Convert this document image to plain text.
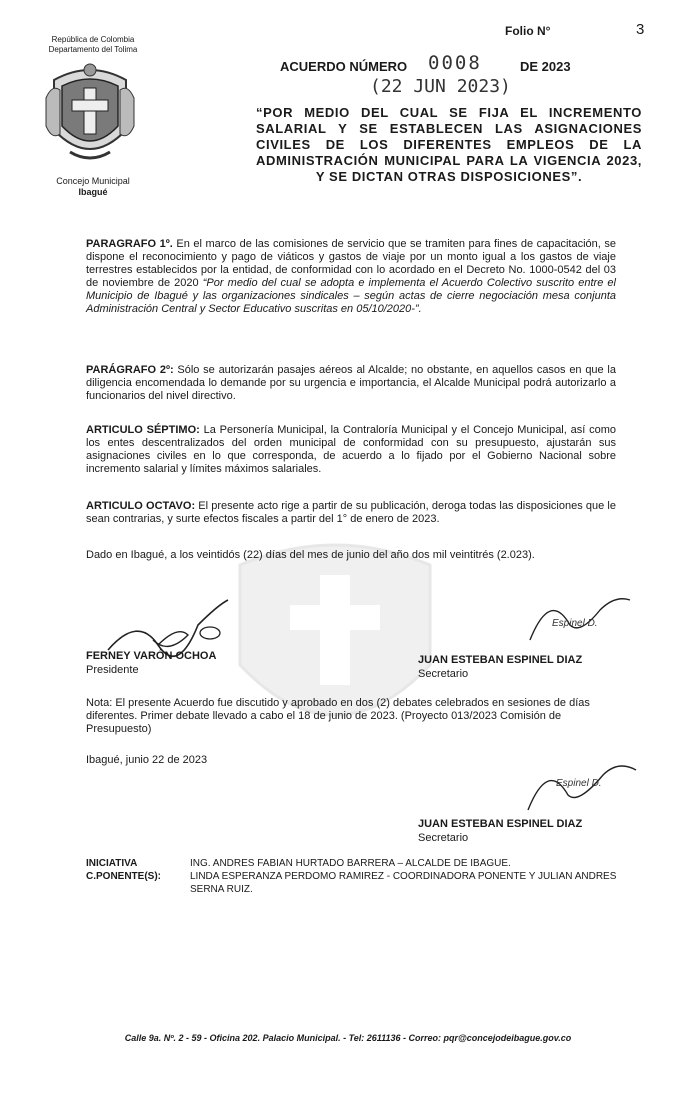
Folio N°	3
República de Colombia
Departamento del Tolima
Concejo Municipal
Ibagué
ACUERDO NÚMERO 0008	DE 2023
(22 JUN 2023)
“POR MEDIO DEL CUAL SE FIJA EL INCREMENTO SALARIAL Y SE ESTABLECEN LAS ASIGNACIONES CIVILES DE LOS DIFERENTES EMPLEOS DE LA ADMINISTRACIÓN MUNICIPAL PARA LA VIGENCIA 2023, Y SE DICTAN OTRAS DISPOSICIONES”.
PARAGRAFO 1º. En el marco de las comisiones de servicio que se tramiten para fines de capacitación, se dispone el reconocimiento y pago de viáticos y gastos de viaje por un monto igual a los gastos de viaje terrestres establecidos por la entidad, de conformidad con lo acordado en el Decreto No. 1000-0542 del 03 de noviembre de 2020 “Por medio del cual se adopta e implementa el Acuerdo Colectivo suscrito entre el Municipio de Ibagué y las organizaciones sindicales – según actas de cierre negociación mesa conjunta Administración Central y Sector Educativo suscritas en 05/10/2020-”.
PARÁGRAFO 2º: Sólo se autorizarán pasajes aéreos al Alcalde; no obstante, en aquellos casos en que la diligencia encomendada lo demande por su urgencia e importancia, el Alcalde Municipal podrá autorizarlo a funcionarios del nivel directivo.
ARTICULO SÉPTIMO: La Personería Municipal, la Contraloría Municipal y el Concejo Municipal, así como los entes descentralizados del orden municipal de conformidad con su presupuesto, ajustarán sus asignaciones civiles en lo que corresponda, de acuerdo a lo fijado por el Gobierno Nacional sobre incremento salarial y límites máximos salariales.
ARTICULO OCTAVO: El presente acto rige a partir de su publicación, deroga todas las disposiciones que le sean contrarias, y surte efectos fiscales a partir del 1° de enero de 2023.
Dado en Ibagué, a los veintidós (22) días del mes de junio del año dos mil veintitrés (2.023).
FERNEY VARÓN OCHOA
Presidente
Espinel D.
JUAN ESTEBAN ESPINEL DIAZ
Secretario
Nota: El presente Acuerdo fue discutido y aprobado en dos (2) debates celebrados en sesiones de días diferentes. Primer debate llevado a cabo el 18 de junio de 2023. (Proyecto 013/2023 Comisión de Presupuesto)
Ibagué, junio 22 de 2023
Espinel D.
JUAN ESTEBAN ESPINEL DIAZ
Secretario
INICIATIVA
C.PONENTE(S):
ING. ANDRES FABIAN HURTADO BARRERA – ALCALDE DE IBAGUE.
LINDA ESPERANZA PERDOMO RAMIREZ - COORDINADORA PONENTE Y JULIAN ANDRES SERNA RUIZ.
Calle 9a. Nº. 2 - 59 - Oficina 202. Palacio Municipal. - Tel: 2611136 - Correo: pqr@concejodeibague.gov.co
